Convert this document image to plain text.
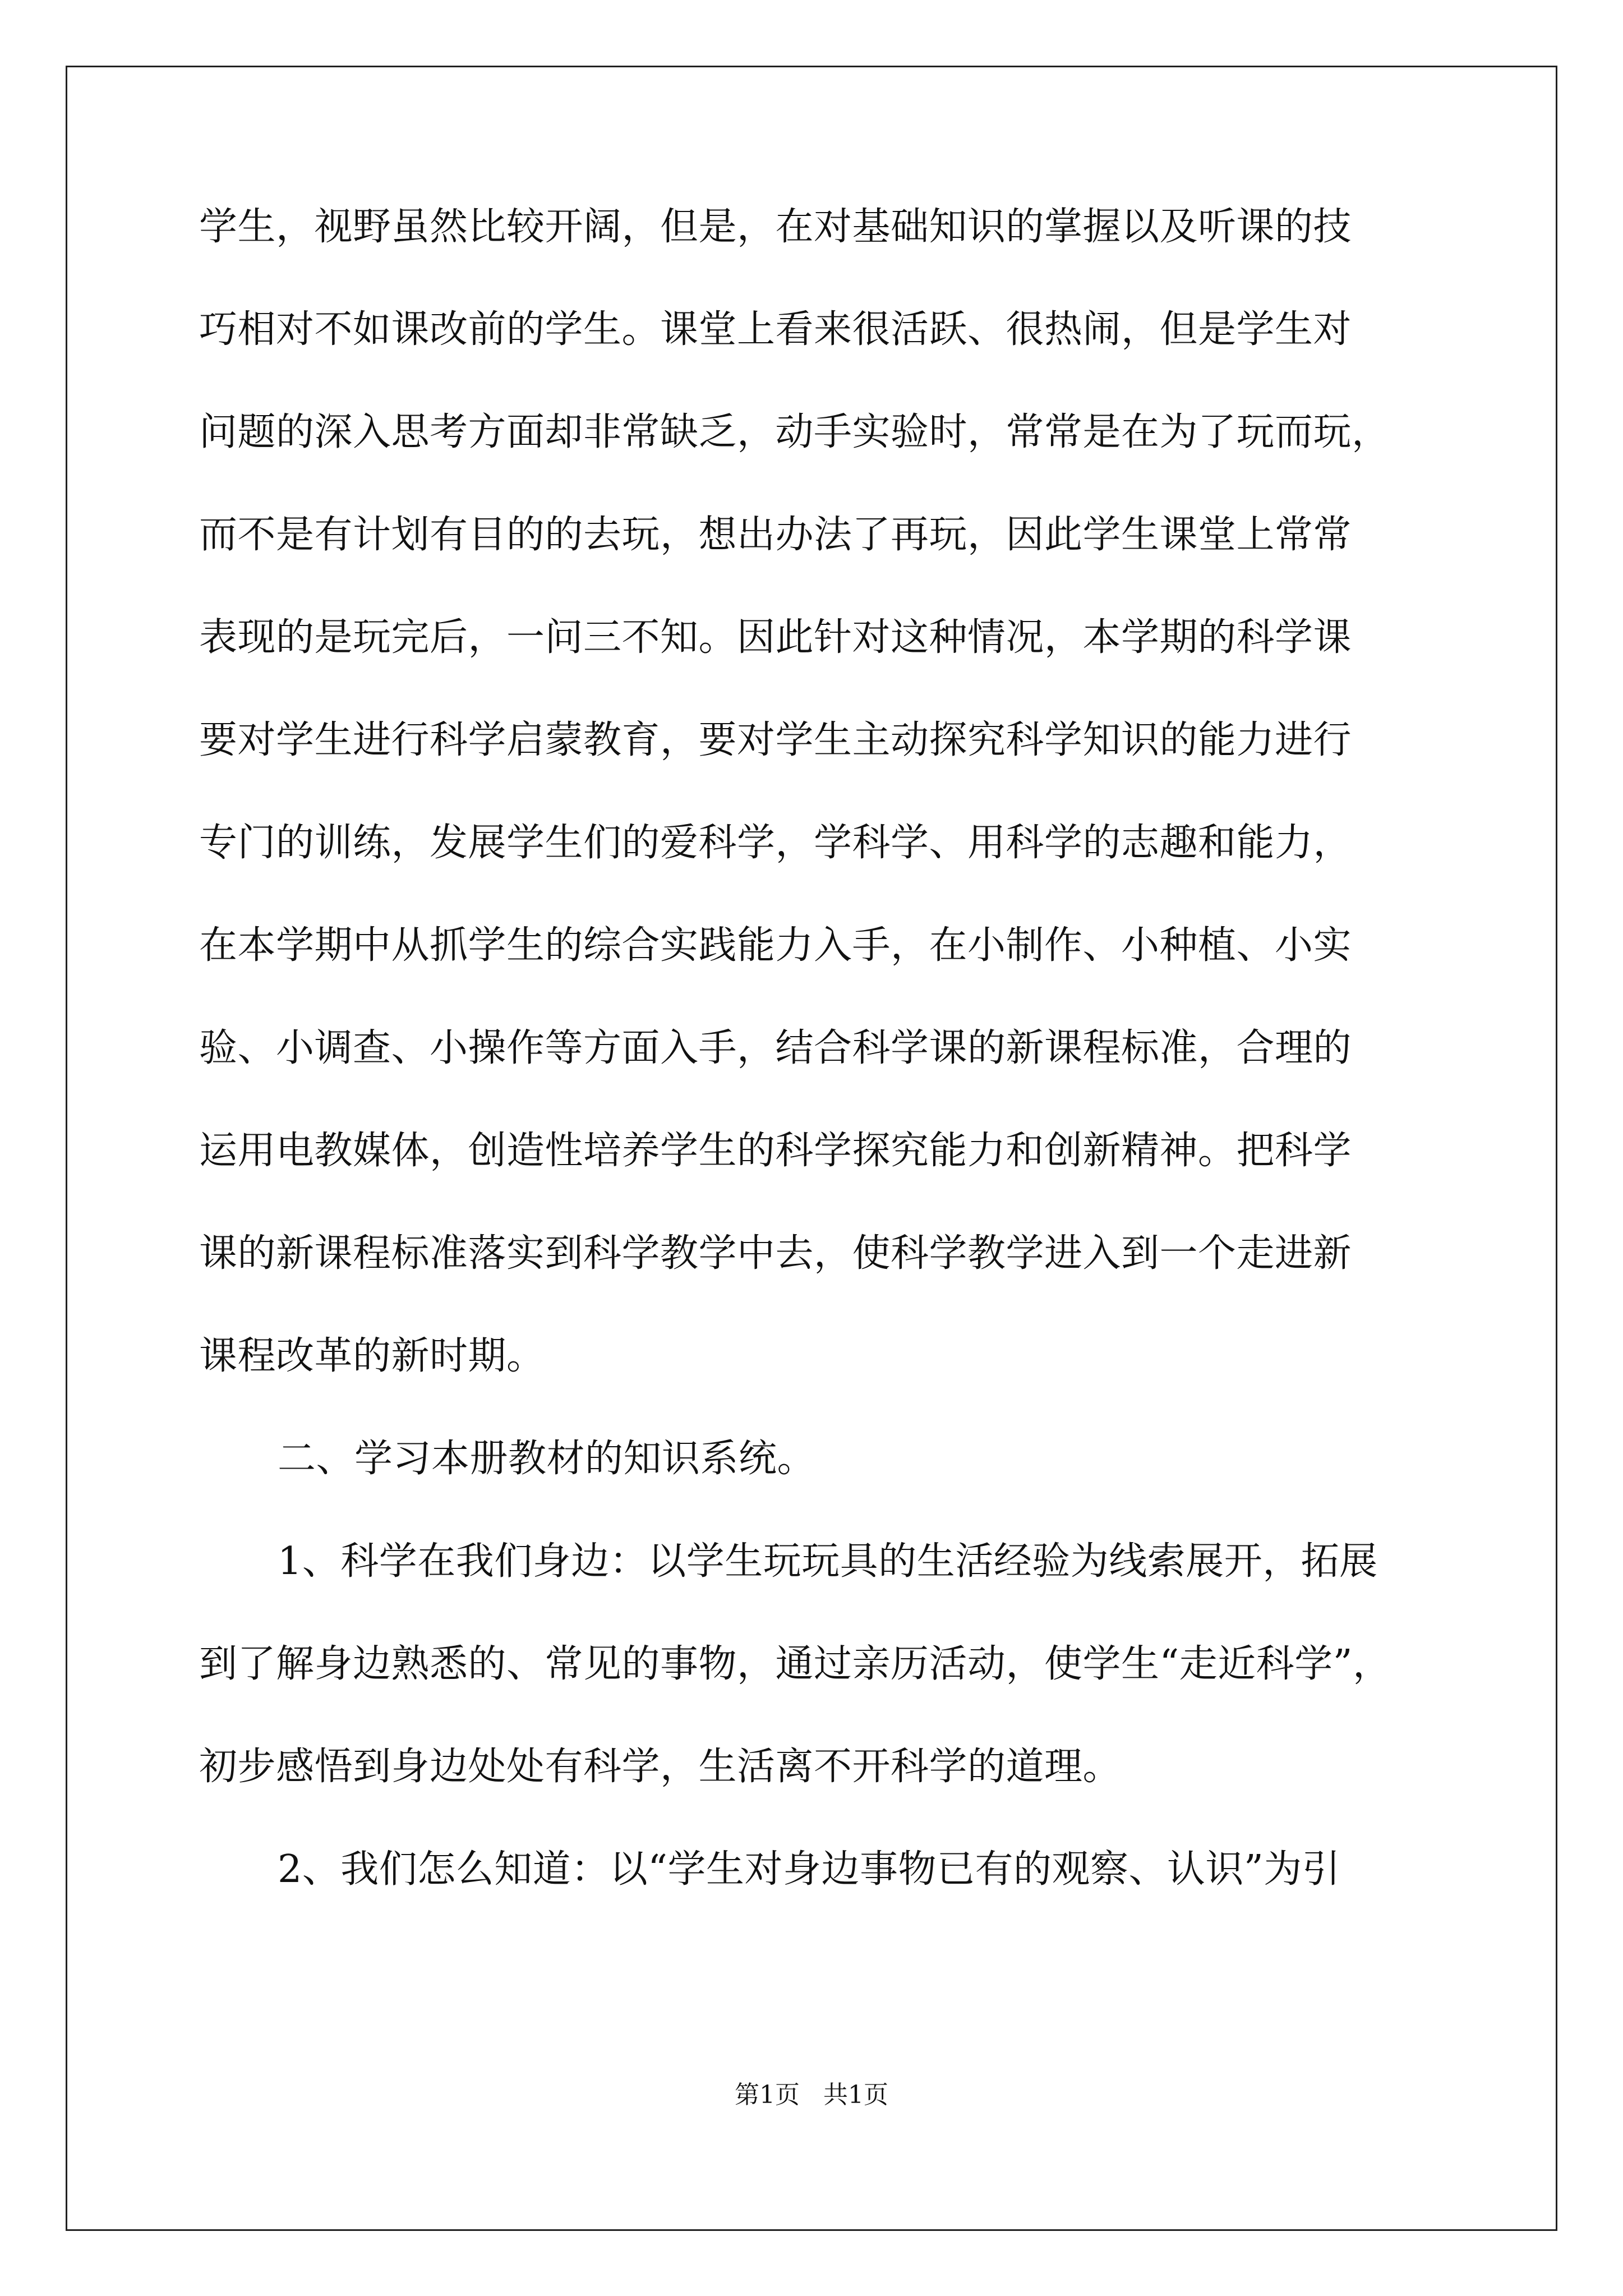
学生，视野虽然比较开阔，但是，在对基础知识的掌握以及听课的技
巧相对不如课改前的学生。课堂上看来很活跃、很热闹，但是学生对
问题的深入思考方面却非常缺乏，动手实验时，常常是在为了玩而玩，
而不是有计划有目的的去玩，想出办法了再玩，因此学生课堂上常常
表现的是玩完后，一问三不知。因此针对这种情况，本学期的科学课
要对学生进行科学启蒙教育，要对学生主动探究科学知识的能力进行
专门的训练，发展学生们的爱科学，学科学、用科学的志趣和能力，
在本学期中从抓学生的综合实践能力入手，在小制作、小种植、小实
验、小调查、小操作等方面入手，结合科学课的新课程标准，合理的
运用电教媒体，创造性培养学生的科学探究能力和创新精神。把科学
课的新课程标准落实到科学教学中去，使科学教学进入到一个走进新
课程改革的新时期。
二、学习本册教材的知识系统。
1、科学在我们身边：以学生玩玩具的生活经验为线索展开，拓展
到了解身边熟悉的、常见的事物，通过亲历活动，使学生“走近科学”，
初步感悟到身边处处有科学，生活离不开科学的道理。
2、我们怎么知道：以“学生对身边事物已有的观察、认识”为引
第1页   共1页
